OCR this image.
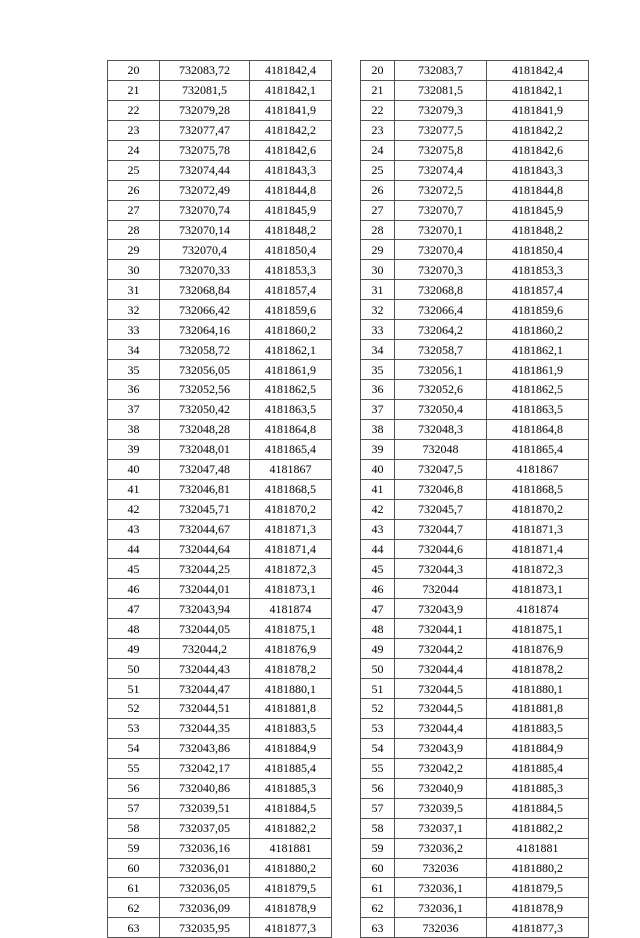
20	732083,72	4181842,4
21	732081,5	4181842,1
22	732079,28	4181841,9
23	732077,47	4181842,2
24	732075,78	4181842,6
25	732074,44	4181843,3
26	732072,49	4181844,8
27	732070,74	4181845,9
28	732070,14	4181848,2
29	732070,4	4181850,4
30	732070,33	4181853,3
31	732068,84	4181857,4
32	732066,42	4181859,6
33	732064,16	4181860,2
34	732058,72	4181862,1
35	732056,05	4181861,9
36	732052,56	4181862,5
37	732050,42	4181863,5
38	732048,28	4181864,8
39	732048,01	4181865,4
40	732047,48	4181867
41	732046,81	4181868,5
42	732045,71	4181870,2
43	732044,67	4181871,3
44	732044,64	4181871,4
45	732044,25	4181872,3
46	732044,01	4181873,1
47	732043,94	4181874
48	732044,05	4181875,1
49	732044,2	4181876,9
50	732044,43	4181878,2
51	732044,47	4181880,1
52	732044,51	4181881,8
53	732044,35	4181883,5
54	732043,86	4181884,9
55	732042,17	4181885,4
56	732040,86	4181885,3
57	732039,51	4181884,5
58	732037,05	4181882,2
59	732036,16	4181881
60	732036,01	4181880,2
61	732036,05	4181879,5
62	732036,09	4181878,9
63	732035,95	4181877,3
20	732083,7	4181842,4
21	732081,5	4181842,1
22	732079,3	4181841,9
23	732077,5	4181842,2
24	732075,8	4181842,6
25	732074,4	4181843,3
26	732072,5	4181844,8
27	732070,7	4181845,9
28	732070,1	4181848,2
29	732070,4	4181850,4
30	732070,3	4181853,3
31	732068,8	4181857,4
32	732066,4	4181859,6
33	732064,2	4181860,2
34	732058,7	4181862,1
35	732056,1	4181861,9
36	732052,6	4181862,5
37	732050,4	4181863,5
38	732048,3	4181864,8
39	732048	4181865,4
40	732047,5	4181867
41	732046,8	4181868,5
42	732045,7	4181870,2
43	732044,7	4181871,3
44	732044,6	4181871,4
45	732044,3	4181872,3
46	732044	4181873,1
47	732043,9	4181874
48	732044,1	4181875,1
49	732044,2	4181876,9
50	732044,4	4181878,2
51	732044,5	4181880,1
52	732044,5	4181881,8
53	732044,4	4181883,5
54	732043,9	4181884,9
55	732042,2	4181885,4
56	732040,9	4181885,3
57	732039,5	4181884,5
58	732037,1	4181882,2
59	732036,2	4181881
60	732036	4181880,2
61	732036,1	4181879,5
62	732036,1	4181878,9
63	732036	4181877,3
